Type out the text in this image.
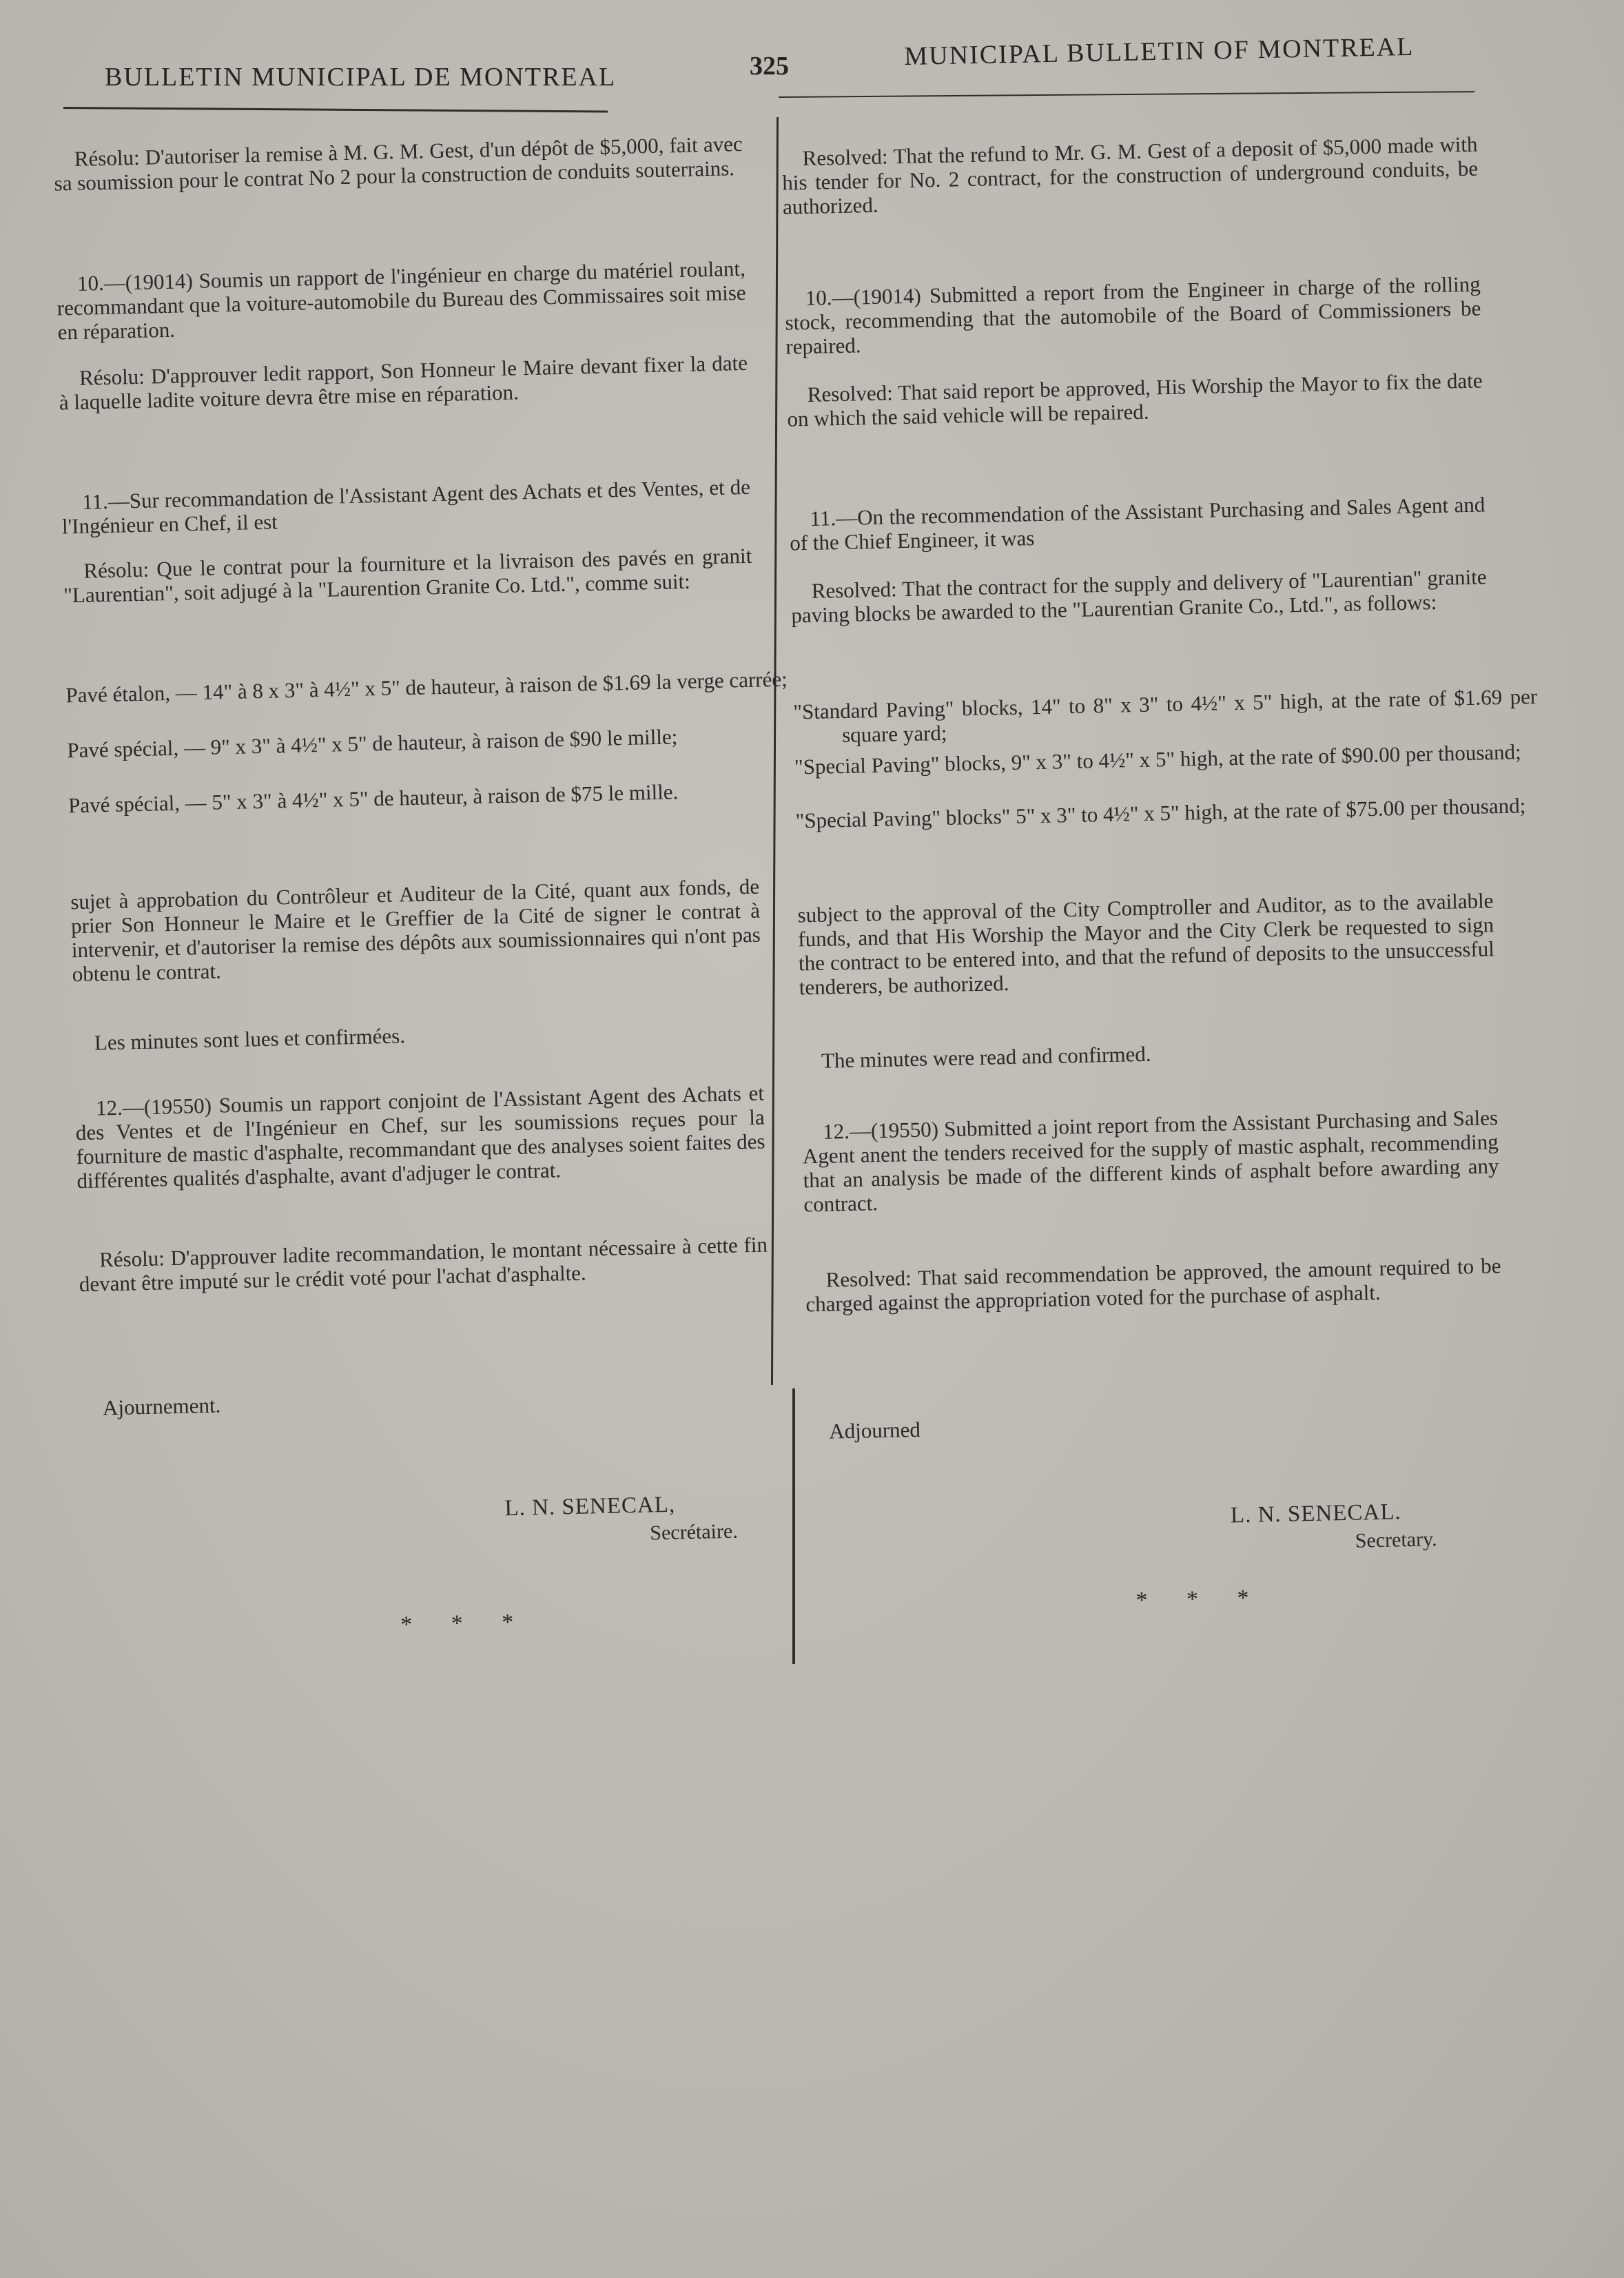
BULLETIN MUNICIPAL DE MONTREAL	325	MUNICIPAL BULLETIN OF MONTREAL

Résolu: D'autoriser la remise à M. G. M. Gest, d'un dépôt de $5,000, fait avec sa soumission pour le contrat No 2 pour la construction de conduits souterrains.

10.—(19014) Soumis un rapport de l'ingénieur en charge du matériel roulant, recommandant que la voiture-automobile du Bureau des Commissaires soit mise en réparation.

Résolu: D'approuver ledit rapport, Son Honneur le Maire devant fixer la date à laquelle ladite voiture devra être mise en réparation.

11.—Sur recommandation de l'Assistant Agent des Achats et des Ventes, et de l'Ingénieur en Chef, il est

Résolu: Que le contrat pour la fourniture et la livraison des pavés en granit "Laurentian", soit adjugé à la "Laurention Granite Co. Ltd.", comme suit:

Pavé étalon, — 14" à 8 x 3" à 4½" x 5" de hauteur, à raison de $1.69 la verge carrée;

Pavé spécial, — 9" x 3" à 4½" x 5" de hauteur, à raison de $90 le mille;

Pavé spécial, — 5" x 3" à 4½" x 5" de hauteur, à raison de $75 le mille.

sujet à approbation du Contrôleur et Auditeur de la Cité, quant aux fonds, de prier Son Honneur le Maire et le Greffier de la Cité de signer le contrat à intervenir, et d'autoriser la remise des dépôts aux soumissionnaires qui n'ont pas obtenu le contrat.

Les minutes sont lues et confirmées.

12.—(19550) Soumis un rapport conjoint de l'Assistant Agent des Achats et des Ventes et de l'Ingénieur en Chef, sur les soumissions reçues pour la fourniture de mastic d'asphalte, recommandant que des analyses soient faites des différentes qualités d'asphalte, avant d'adjuger le contrat.

Résolu: D'approuver ladite recommandation, le montant nécessaire à cette fin devant être imputé sur le crédit voté pour l'achat d'asphalte.

Ajournement.

L. N. SENECAL,
Secrétaire.
* * *

Resolved: That the refund to Mr. G. M. Gest of a deposit of $5,000 made with his tender for No. 2 contract, for the construction of underground conduits, be authorized.

10.—(19014) Submitted a report from the Engineer in charge of the rolling stock, recommending that the automobile of the Board of Commissioners be repaired.

Resolved: That said report be approved, His Worship the Mayor to fix the date on which the said vehicle will be repaired.

11.—On the recommendation of the Assistant Purchasing and Sales Agent and of the Chief Engineer, it was

Resolved: That the contract for the supply and delivery of "Laurentian" granite paving blocks be awarded to the "Laurentian Granite Co., Ltd.", as follows:

"Standard Paving" blocks, 14" to 8" x 3" to 4½" x 5" high, at the rate of $1.69 per square yard;

"Special Paving" blocks, 9" x 3" to 4½" x 5" high, at the rate of $90.00 per thousand;

"Special Paving" blocks" 5" x 3" to 4½" x 5" high, at the rate of $75.00 per thousand;

subject to the approval of the City Comptroller and Auditor, as to the available funds, and that His Worship the Mayor and the City Clerk be requested to sign the contract to be entered into, and that the refund of deposits to the unsuccessful tenderers, be authorized.

The minutes were read and confirmed.

12.—(19550) Submitted a joint report from the Assistant Purchasing and Sales Agent anent the tenders received for the supply of mastic asphalt, recommending that an analysis be made of the different kinds of asphalt before awarding any contract.

Resolved: That said recommendation be approved, the amount required to be charged against the appropriation voted for the purchase of asphalt.

Adjourned

L. N. SENECAL.
Secretary.
* * *
